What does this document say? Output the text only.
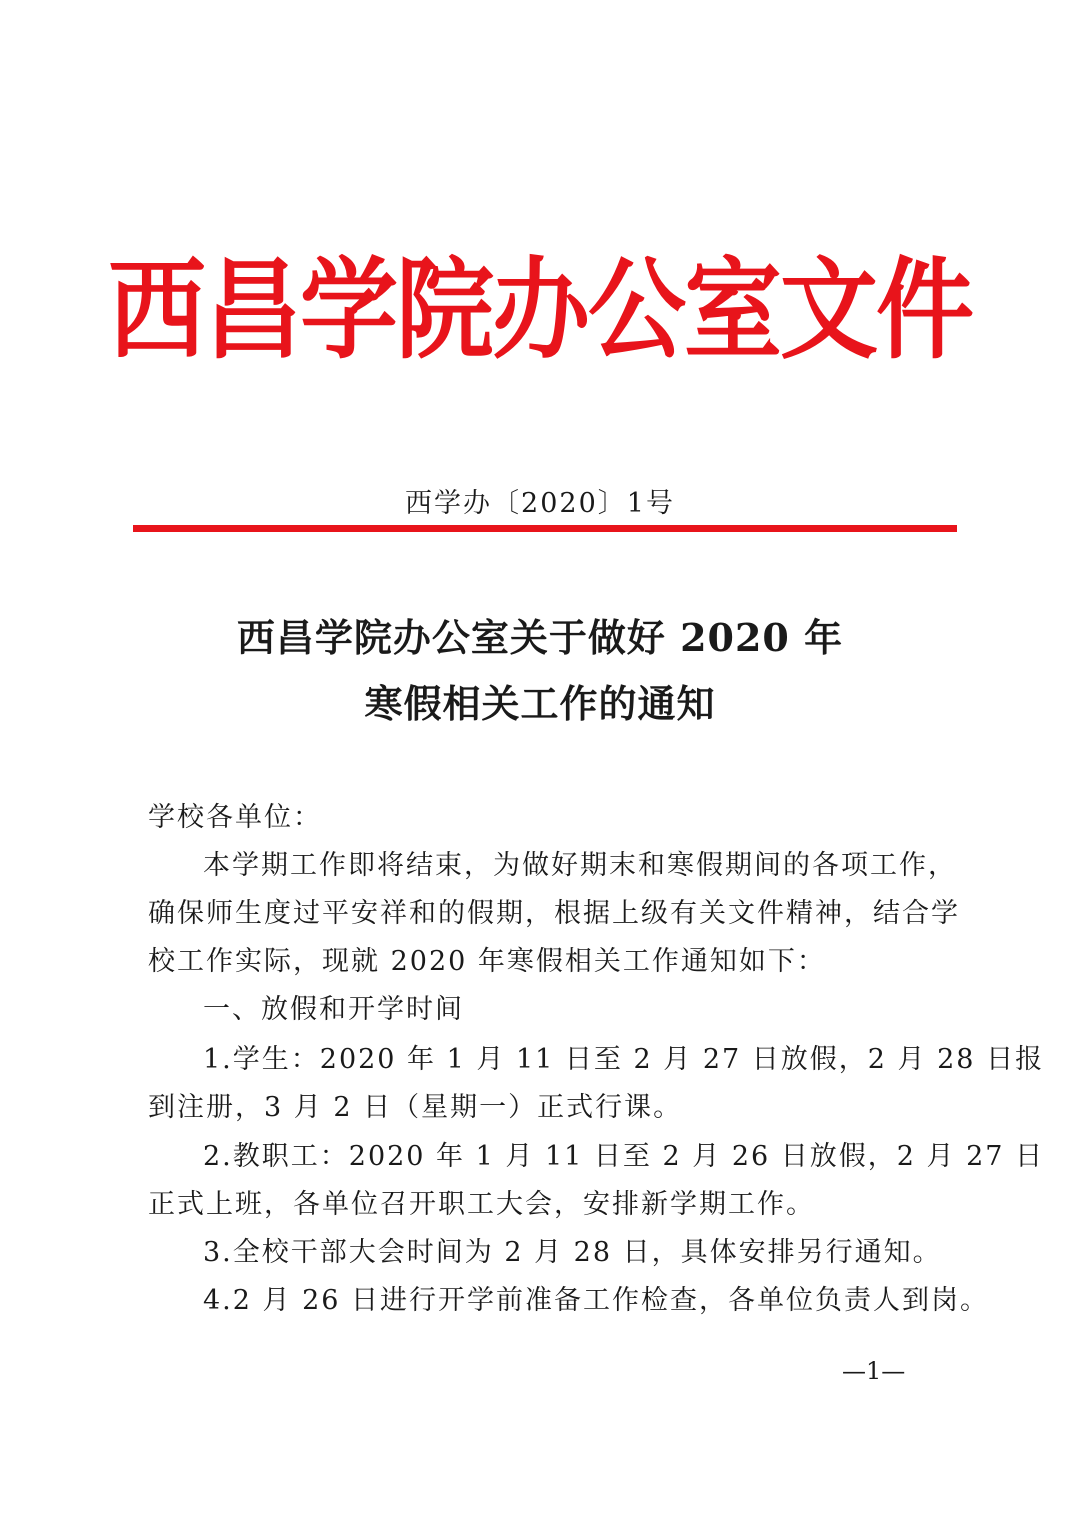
西昌学院办公室文件
西学办〔2020〕1号
西昌学院办公室关于做好 2020 年
寒假相关工作的通知
学校各单位：
本学期工作即将结束，为做好期末和寒假期间的各项工作，
确保师生度过平安祥和的假期，根据上级有关文件精神，结合学
校工作实际，现就 2020 年寒假相关工作通知如下：
一、放假和开学时间
1.学生：2020 年 1 月 11 日至 2 月 27 日放假，2 月 28 日报
到注册，3 月 2 日（星期一）正式行课。
2.教职工：2020 年 1 月 11 日至 2 月 26 日放假，2 月 27 日
正式上班，各单位召开职工大会，安排新学期工作。
3.全校干部大会时间为 2 月 28 日，具体安排另行通知。
4.2 月 26 日进行开学前准备工作检查，各单位负责人到岗。
—1—
